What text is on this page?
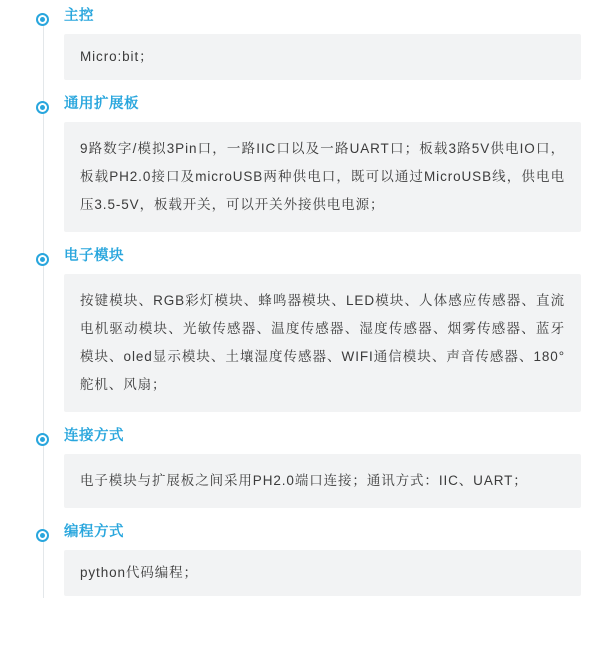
主控
Micro:bit；
通用扩展板
9路数字/模拟3Pin口，一路IIC口以及一路UART口；板载3路5V供电IO口，板载PH2.0接口及microUSB两种供电口，既可以通过MicroUSB线，供电电压3.5-5V，板载开关，可以开关外接供电电源；
电子模块
按键模块、RGB彩灯模块、蜂鸣器模块、LED模块、人体感应传感器、直流电机驱动模块、光敏传感器、温度传感器、湿度传感器、烟雾传感器、蓝牙模块、oled显示模块、土壤湿度传感器、WIFI通信模块、声音传感器、180°舵机、风扇；
连接方式
电子模块与扩展板之间采用PH2.0端口连接；通讯方式：IIC、UART；
编程方式
python代码编程；
